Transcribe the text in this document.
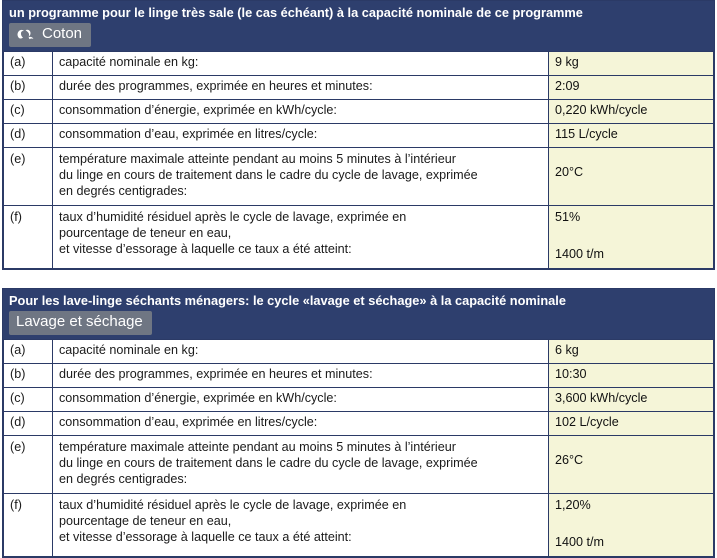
un programme pour le linge très sale (le cas échéant) à la capacité nominale de ce programme
Coton
(a)	capacité nominale en kg:	9 kg

(b)	durée des programmes, exprimée en heures et minutes:	2:09

(c)	consommation d’énergie, exprimée en kWh/cycle:	0,220 kWh/cycle

(d)	consommation d’eau, exprimée en litres/cycle:	115 L/cycle

(e)	température maximale atteinte pendant au moins 5 minutes à l’intérieur
du linge en cours de traitement dans le cadre du cycle de lavage, exprimée
en degrés centigrades:	20°C

(f)	taux d’humidité résiduel après le cycle de lavage, exprimée en
pourcentage de teneur en eau,
et vitesse d’essorage à laquelle ce taux a été atteint:	51%
1400 t/m
Pour les lave-linge séchants ménagers: le cycle «lavage et séchage» à la capacité nominale
Lavage et séchage
(a)	capacité nominale en kg:	6 kg

(b)	durée des programmes, exprimée en heures et minutes:	10:30

(c)	consommation d’énergie, exprimée en kWh/cycle:	3,600 kWh/cycle

(d)	consommation d’eau, exprimée en litres/cycle:	102 L/cycle

(e)	température maximale atteinte pendant au moins 5 minutes à l’intérieur
du linge en cours de traitement dans le cadre du cycle de lavage, exprimée
en degrés centigrades:	26°C

(f)	taux d’humidité résiduel après le cycle de lavage, exprimée en
pourcentage de teneur en eau,
et vitesse d’essorage à laquelle ce taux a été atteint:	1,20%
1400 t/m
